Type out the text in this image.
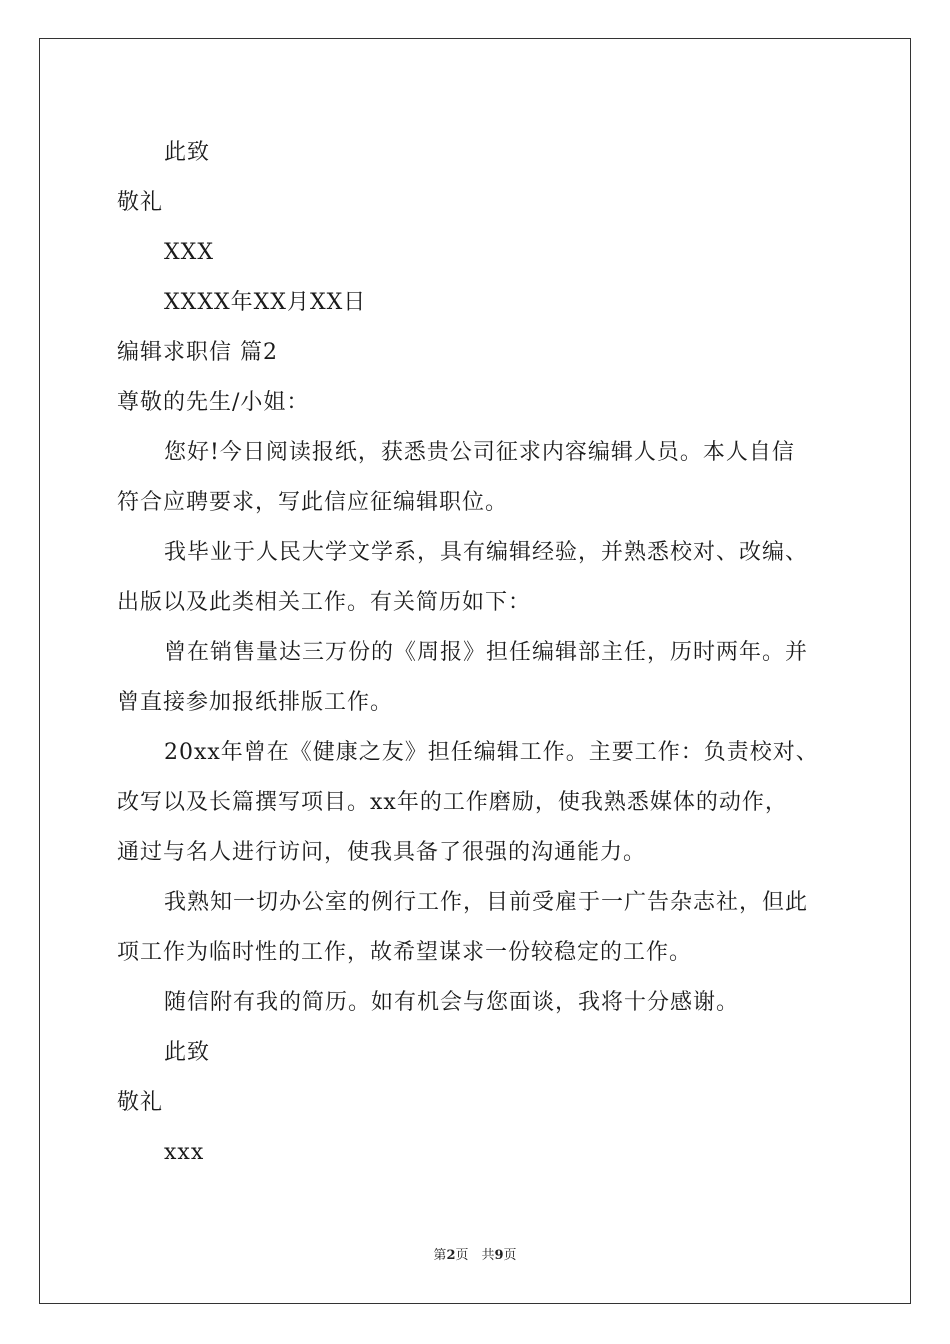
此致
敬礼
XXX
XXXX年XX月XX日
编辑求职信 篇2
尊敬的先生/小姐：
您好!今日阅读报纸，获悉贵公司征求内容编辑人员。本人自信
符合应聘要求，写此信应征编辑职位。
我毕业于人民大学文学系，具有编辑经验，并熟悉校对、改编、
出版以及此类相关工作。有关简历如下：
曾在销售量达三万份的《周报》担任编辑部主任，历时两年。并
曾直接参加报纸排版工作。
20xx年曾在《健康之友》担任编辑工作。主要工作：负责校对、
改写以及长篇撰写项目。xx年的工作磨励，使我熟悉媒体的动作，
通过与名人进行访问，使我具备了很强的沟通能力。
我熟知一切办公室的例行工作，目前受雇于一广告杂志社，但此
项工作为临时性的工作，故希望谋求一份较稳定的工作。
随信附有我的简历。如有机会与您面谈，我将十分感谢。
此致
敬礼
xxx
第2页　共9页
